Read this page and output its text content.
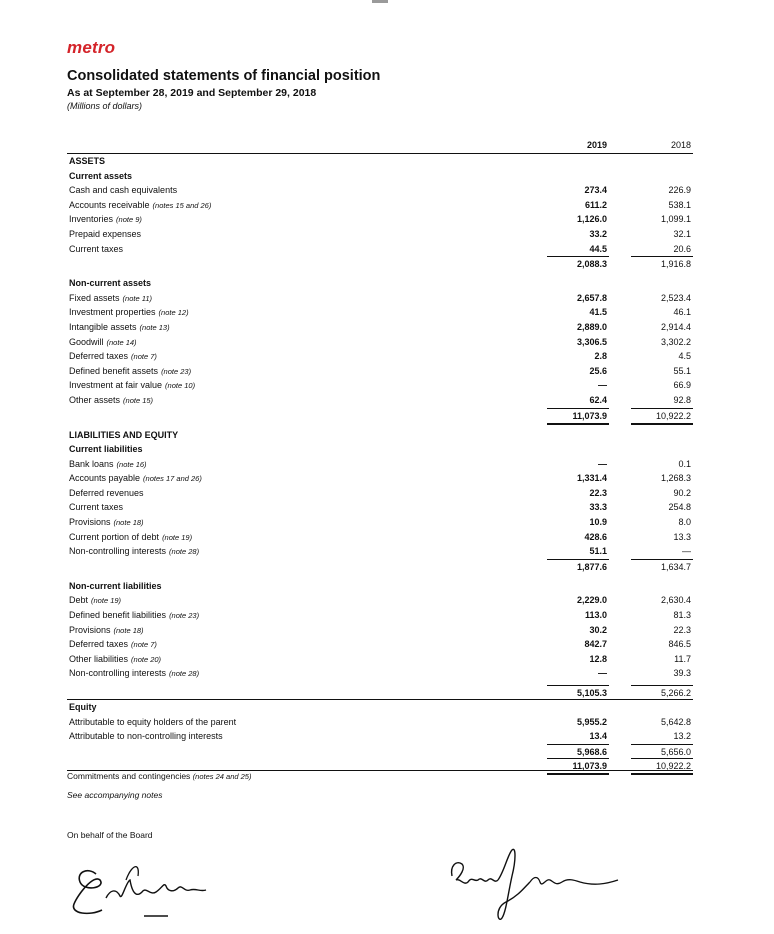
metro
Consolidated statements of financial position
As at September 28, 2019 and September 29, 2018
(Millions of dollars)
2019	2018
ASSETS
Current assets
Cash and cash equivalents	273.4	226.9
Accounts receivable (notes 15 and 26)	611.2	538.1
Inventories (note 9)	1,126.0	1,099.1
Prepaid expenses	33.2	32.1
Current taxes	44.5	20.6
2,088.3	1,916.8
Non-current assets
Fixed assets (note 11)	2,657.8	2,523.4
Investment properties (note 12)	41.5	46.1
Intangible assets (note 13)	2,889.0	2,914.4
Goodwill (note 14)	3,306.5	3,302.2
Deferred taxes (note 7)	2.8	4.5
Defined benefit assets (note 23)	25.6	55.1
Investment at fair value (note 10)	—	66.9
Other assets (note 15)	62.4	92.8
11,073.9	10,922.2
LIABILITIES AND EQUITY
Current liabilities
Bank loans (note 16)	—	0.1
Accounts payable (notes 17 and 26)	1,331.4	1,268.3
Deferred revenues	22.3	90.2
Current taxes	33.3	254.8
Provisions (note 18)	10.9	8.0
Current portion of debt (note 19)	428.6	13.3
Non-controlling interests (note 28)	51.1	—
1,877.6	1,634.7
Non-current liabilities
Debt (note 19)	2,229.0	2,630.4
Defined benefit liabilities (note 23)	113.0	81.3
Provisions (note 18)	30.2	22.3
Deferred taxes (note 7)	842.7	846.5
Other liabilities (note 20)	12.8	11.7
Non-controlling interests (note 28)	—	39.3
5,105.3	5,266.2
Equity
Attributable to equity holders of the parent	5,955.2	5,642.8
Attributable to non-controlling interests	13.4	13.2
5,968.6	5,656.0
11,073.9	10,922.2
Commitments and contingencies (notes 24 and 25)
See accompanying notes
On behalf of the Board
